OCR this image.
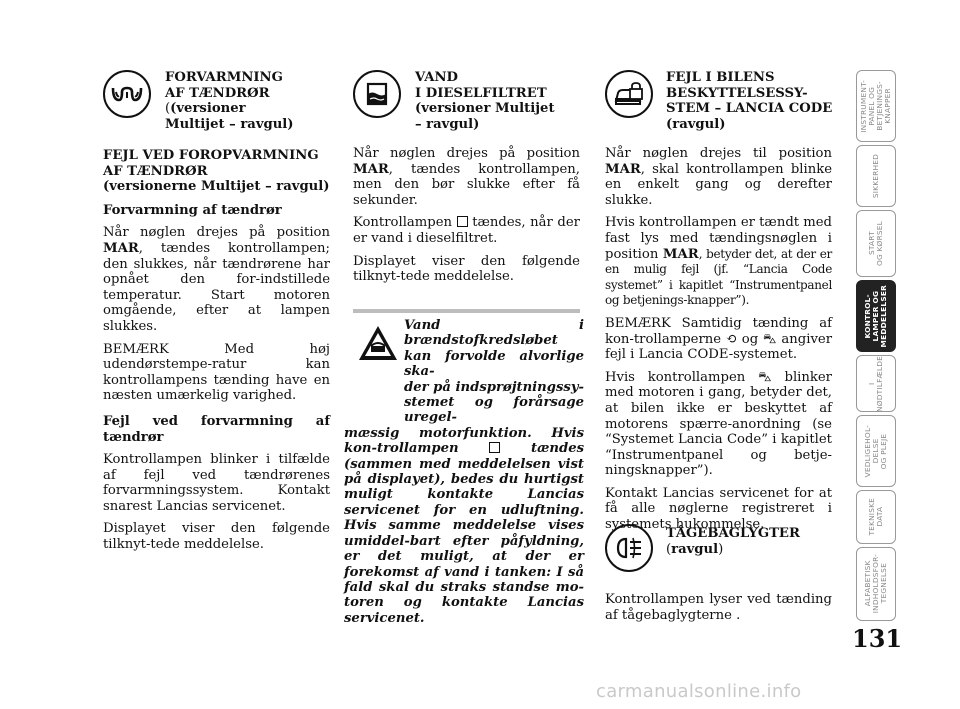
FORVARMNING
AF TÆNDRØR
((versioner
Multijet – ravgul)

FEJL VED FOROPVARMNING
AF TÆNDRØR
(versionerne Multijet – ravgul)

Forvarmning af tændrør

Når nøglen drejes på position MAR, tændes kontrollampen; den slukkes, når tændrørene har opnået den for-indstillede temperatur. Start motoren omgående, efter at lampen slukkes.

BEMÆRK Med høj udendørstempe-ratur kan kontrollampens tænding have en næsten umærkelig varighed.

Fejl ved forvarmning af tændrør

Kontrollampen blinker i tilfælde af fejl ved tændrørenes forvarmningssystem. Kontakt snarest Lancias servicenet.

Displayet viser den følgende tilknyt-tede meddelelse.

VAND
I DIESELFILTRET
(versioner Multijet
– ravgul)

Når nøglen drejes på position MAR, tændes kontrollampen, men den bør slukke efter få sekunder.

Kontrollampen  tændes, når der er vand i dieselfiltret.

Displayet viser den følgende tilknyt-tede meddelelse.

Vand i brændstofkredsløbet
kan forvolde alvorlige ska-
der på indsprøjtningssy-
stemet og forårsage uregel-
mæssig motorfunktion. Hvis kon-trollampen  tændes (sammen med meddelelsen vist på displayet), bedes du hurtigst muligt kontakte Lancias servicenet for en udluftning. Hvis samme meddelelse vises umiddel-bart efter påfyldning, er det muligt, at der er forekomst af vand i tanken: I så fald skal du straks standse mo-toren og kontakte Lancias servicenet.
FEJL I BILENS
BESKYTTELSESSY-
STEM – LANCIA CODE
(ravgul)

Når nøglen drejes til position MAR, skal kontrollampen blinke en enkelt gang og derefter slukke.

Hvis kontrollampen er tændt med fast lys med tændingsnøglen i position MAR, betyder det, at der er en mulig fejl (jf. “Lancia Code systemet” i kapitlet “Instrumentpanel og betjenings-knapper”).

BEMÆRK Samtidig tænding af kon-trollamperne ⟲ og ⛍ angiver fejl i Lancia CODE-systemet.

Hvis kontrollampen ⛍ blinker med motoren i gang, betyder det, at bilen ikke er beskyttet af motorens spærre-anordning (se “Systemet Lancia Code” i kapitlet “Instrumentpanel og betje-ningsknapper”).

Kontakt Lancias servicenet for at få alle nøglerne registreret i systemets hukommelse.

TÅGEBAGLYGTER
(ravgul)

Kontrollampen lyser ved tænding af tågebaglygterne .

INSTRUMENT-
PANEL OG
BETJENINGS-
KNAPPER
SIKKERHED
START
OG KØRSEL
KONTROL-
LAMPER OG
MEDDELELSER
I
NØDTILFÆLDE
VEDLIGEHOL-
DELSE
OG PLEJE
TEKNISKE
DATA
ALFABETISK
INDHOLDSFOR-
TEGNELSE
131
carmanualsonline.info
